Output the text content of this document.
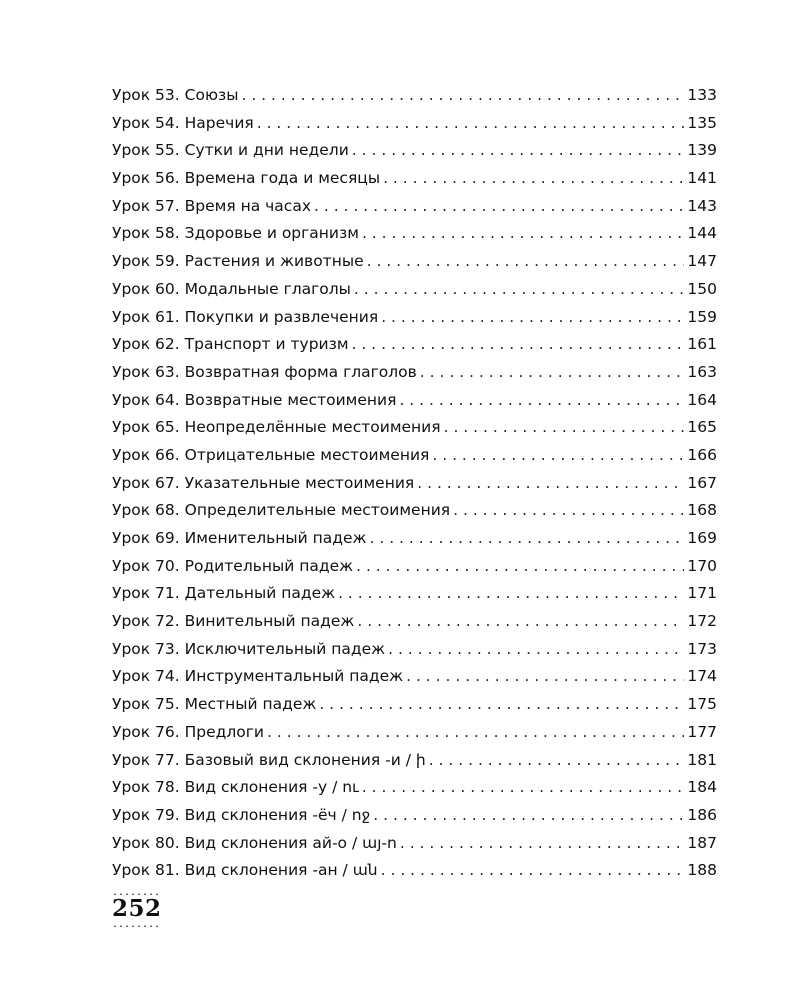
Урок 53. Союзы . . .	133
Урок 54. Наречия . . .	135
Урок 55. Сутки и дни недели . . .	139
Урок 56. Времена года и месяцы . . .	141
Урок 57. Время на часах . . .	143
Урок 58. Здоровье и организм . . .	144
Урок 59. Растения и животные . . .	147
Урок 60. Модальные глаголы . . .	150
Урок 61. Покупки и развлечения . . .	159
Урок 62. Транспорт и туризм . . .	161
Урок 63. Возвратная форма глаголов . . .	163
Урок 64. Возвратные местоимения . . .	164
Урок 65. Неопределённые местоимения . . .	165
Урок 66. Отрицательные местоимения . . .	166
Урок 67. Указательные местоимения . . .	167
Урок 68. Определительные местоимения . . .	168
Урок 69. Именительный падеж . . .	169
Урок 70. Родительный падеж . . .	170
Урок 71. Дательный падеж . . .	171
Урок 72. Винительный падеж . . .	172
Урок 73. Исключительный падеж . . .	173
Урок 74. Инструментальный падеж . . .	174
Урок 75. Местный падеж . . .	175
Урок 76. Предлоги . . .	177
Урок 77. Базовый вид склонения -и / ի . . .	181
Урок 78. Вид склонения -у / ու . . .	184
Урок 79. Вид склонения -ёч / ոջ . . .	186
Урок 80. Вид склонения ай-о / այ-ո . . .	187
Урок 81. Вид склонения -ан / ան . . .	188
........
252
........
